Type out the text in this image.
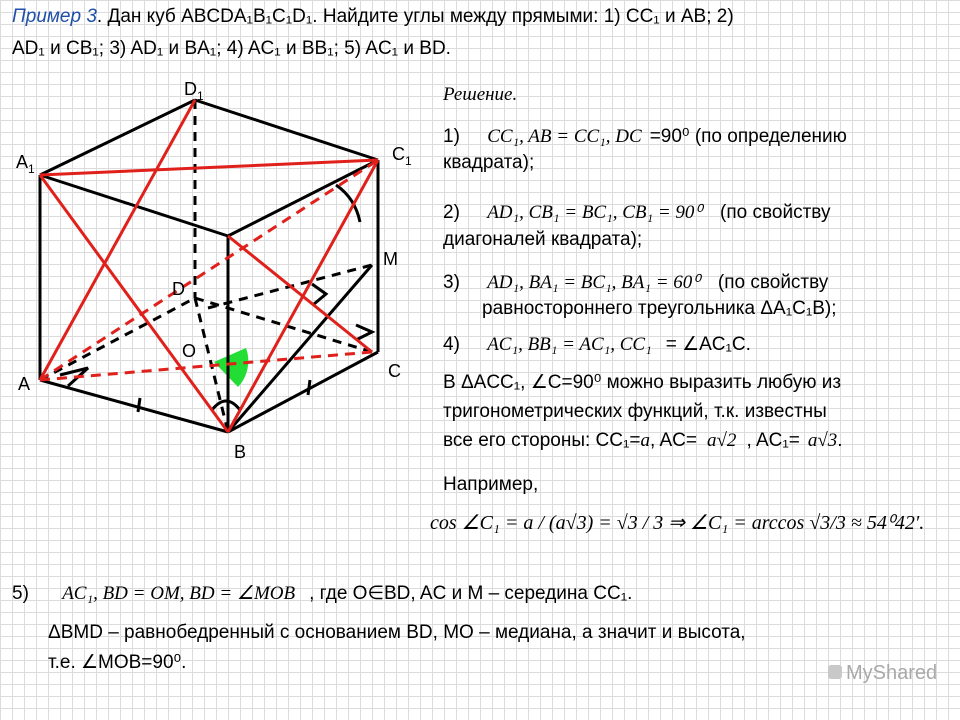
Пример 3. Дан куб ABCDA₁B₁C₁D₁. Найдите углы между прямыми: 1) CC₁ и AB; 2)
AD₁ и CB₁; 3) AD₁ и BA₁; 4) AC₁ и BB₁; 5) AC₁ и BD.
$D_1$
$A_1$
$C_1$
D
M
O
A
C
B
Решение.
1) CC₁, AB = CC₁, DC =90⁰ (по определению
квадрата);
2) AD₁, CB₁ = BC₁, CB₁ = 90⁰ (по свойству
диагоналей квадрата);
3) AD₁, BA₁ = BC₁, BA₁ = 60⁰ (по свойству
равностороннего треугольника ΔA₁C₁B);
4) AC₁, BB₁ = AC₁, CC₁ = ∠AC₁C.
В ΔACC₁, ∠C=90⁰ можно выразить любую из
тригонометрических функций, т.к. известны
все его стороны: CC₁=a, AC= a√2 , AC₁= a√3.
Например,
cos ∠C₁ = a / (a√3) = √3 / 3 ⇒ ∠C₁ = arccos √3/3 ≈ 54⁰42′.
5) AC₁, BD = OM, BD = ∠MOB , где O∈BD, AC и M – середина CC₁.
ΔBMD – равнобедренный с основанием BD, MO – медиана, а значит и высота,
т.е. ∠MOB=90⁰.	MyShared
